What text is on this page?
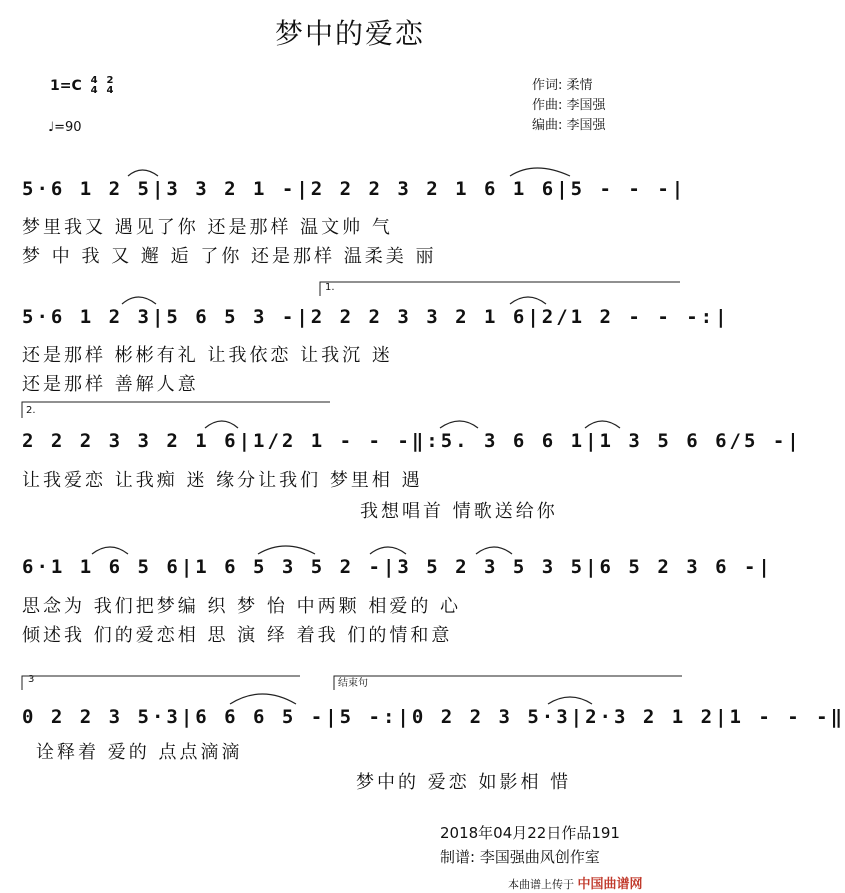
梦中的爱恋
1=C 4
4 2
4
♩=90
作词: 柔情
作曲: 李国强
编曲: 李国强
5·6 1 2 5|3 3 2 1 -|2 2 2 3 2 1 6 1 6|5 - - -|
梦里我又 遇见了你 还是那样 温文帅 气
梦 中 我 又 邂 逅 了你 还是那样 温柔美 丽
1.
5·6 1 2 3|5 6 5 3 -|2 2 2 3 3 2 1 6|2/1 2 - - -:|
还是那样 彬彬有礼 让我依恋 让我沉 迷
还是那样 善解人意
2.
2 2 2 3 3 2 1 6|1/2 1 - - -‖:5. 3 6 6 1|1 3 5 6 6/5 -|
让我爱恋 让我痴 迷 缘分让我们 梦里相 遇
我想唱首 情歌送给你
6·1 1 6 5 6|1 6 5 3 5 2 -|3 5 2 3 5 3 5|6 5 2 3 6 -|
思念为 我们把梦编 织 梦 怡 中两颗 相爱的 心
倾述我 们的爱恋相 思 演 绎 着我 们的情和意
3	结束句
0 2 2 3 5·3|6 6 6 5 -|5 -:|0 2 2 3 5·3|2·3 2 1 2|1 - - -‖
诠释着 爱的 点点滴滴
梦中的 爱恋 如影相 惜
2018年04月22日作品191
制谱: 李国强曲风创作室
本曲谱上传于 中国曲谱网
